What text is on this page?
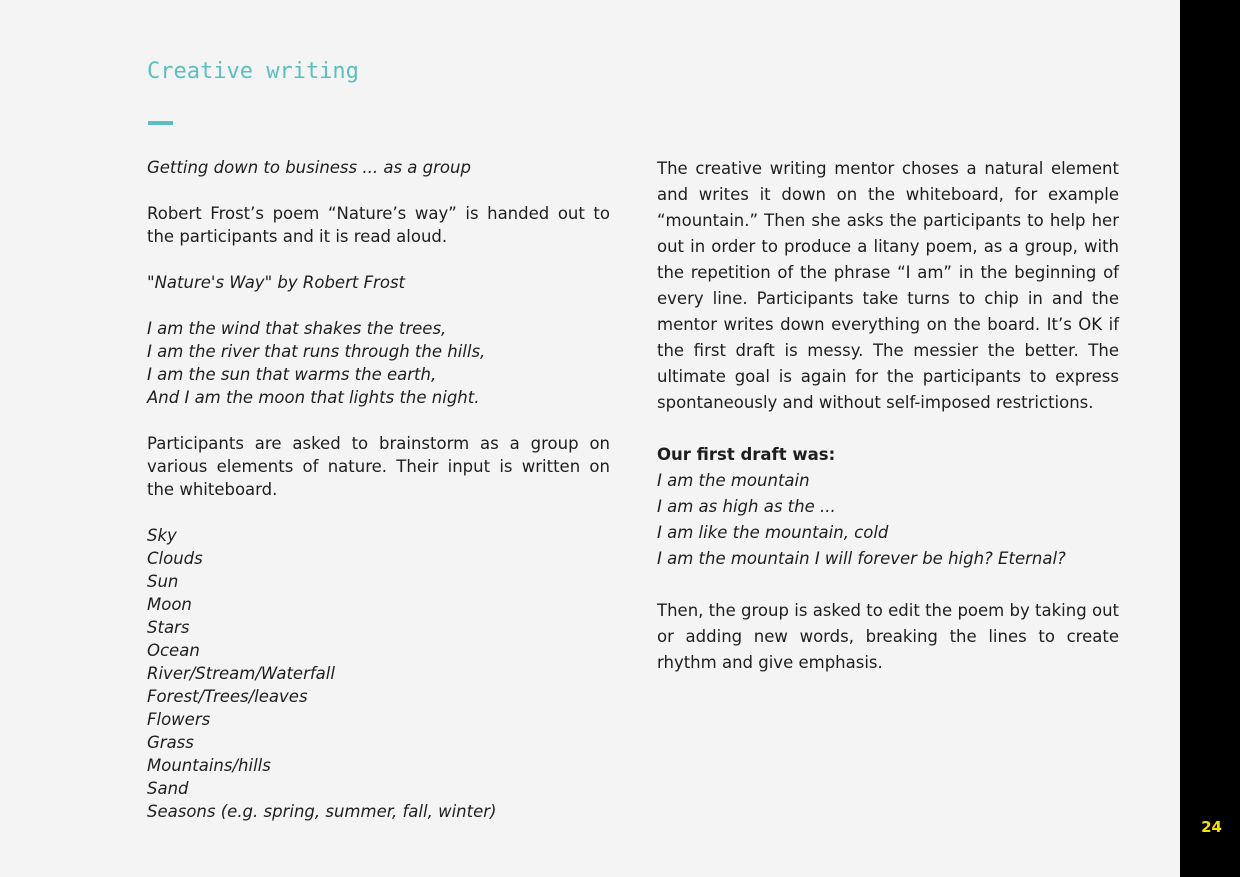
24
Creative writing

Getting down to business ... as a group

Robert Frost’s poem “Nature’s way” is handed out to the participants and it is read aloud.

"Nature's Way" by Robert Frost

I am the wind that shakes the trees,
I am the river that runs through the hills,
I am the sun that warms the earth,
And I am the moon that lights the night.

Participants are asked to brainstorm as a group on various elements of nature. Their input is written on the whiteboard.

Sky
Clouds
Sun
Moon
Stars
Ocean
River/Stream/Waterfall
Forest/Trees/leaves
Flowers
Grass
Mountains/hills
Sand
Seasons (e.g. spring, summer, fall, winter)

The creative writing mentor choses a natural element and writes it down on the whiteboard, for example “mountain.” Then she asks the participants to help her out in order to produce a litany poem, as a group, with the repetition of the phrase “I am” in the beginning of every line. Participants take turns to chip in and the mentor writes down everything on the board. It’s OK if the first draft is messy. The messier the better. The ultimate goal is again for the participants to express spontaneously and without self-imposed restrictions.

Our first draft was:

I am the mountain
I am as high as the ...
I am like the mountain, cold
I am the mountain I will forever be high? Eternal?

Then, the group is asked to edit the poem by taking out or adding new words, breaking the lines to create rhythm and give emphasis.
